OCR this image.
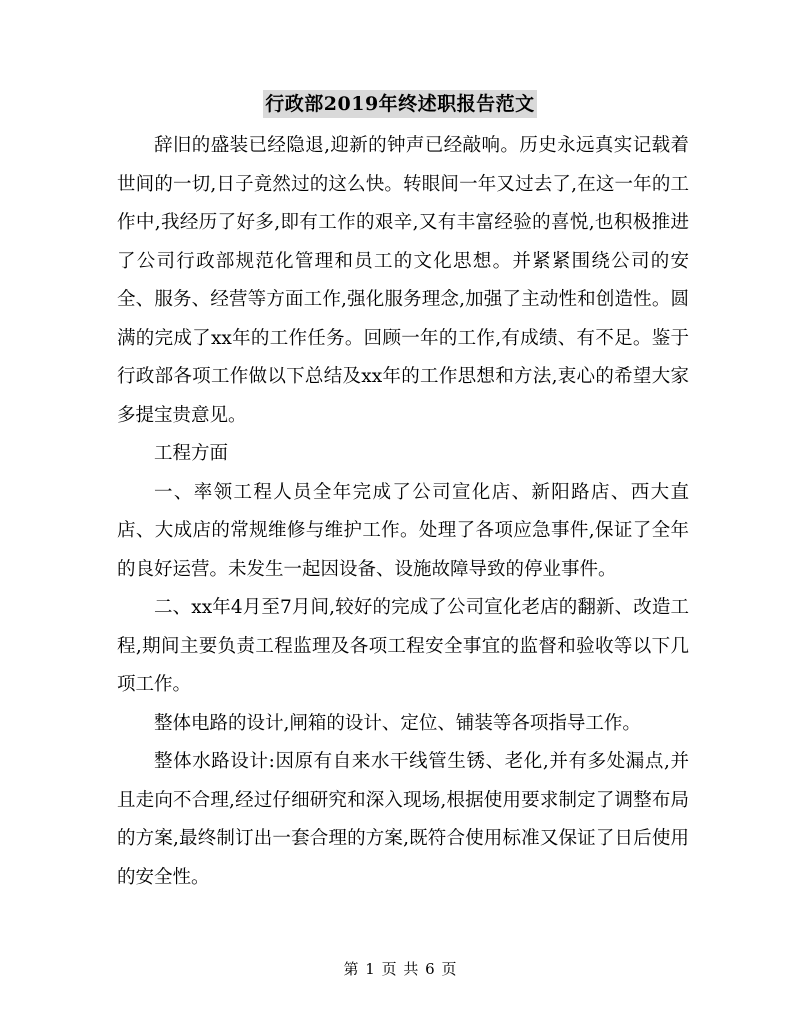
行政部2019年终述职报告范文

辞旧的盛装已经隐退,迎新的钟声已经敲响。历史永远真实记载着世间的一切,日子竟然过的这么快。转眼间一年又过去了,在这一年的工作中,我经历了好多,即有工作的艰辛,又有丰富经验的喜悦,也积极推进了公司行政部规范化管理和员工的文化思想。并紧紧围绕公司的安全、服务、经营等方面工作,强化服务理念,加强了主动性和创造性。圆满的完成了xx年的工作任务。回顾一年的工作,有成绩、有不足。鉴于行政部各项工作做以下总结及xx年的工作思想和方法,衷心的希望大家多提宝贵意见。

工程方面

一、率领工程人员全年完成了公司宣化店、新阳路店、西大直店、大成店的常规维修与维护工作。处理了各项应急事件,保证了全年的良好运营。未发生一起因设备、设施故障导致的停业事件。

二、xx年4月至7月间,较好的完成了公司宣化老店的翻新、改造工程,期间主要负责工程监理及各项工程安全事宜的监督和验收等以下几项工作。

整体电路的设计,闸箱的设计、定位、铺装等各项指导工作。

整体水路设计:因原有自来水干线管生锈、老化,并有多处漏点,并且走向不合理,经过仔细研究和深入现场,根据使用要求制定了调整布局的方案,最终制订出一套合理的方案,既符合使用标准又保证了日后使用的安全性。

第 1 页 共 6 页
